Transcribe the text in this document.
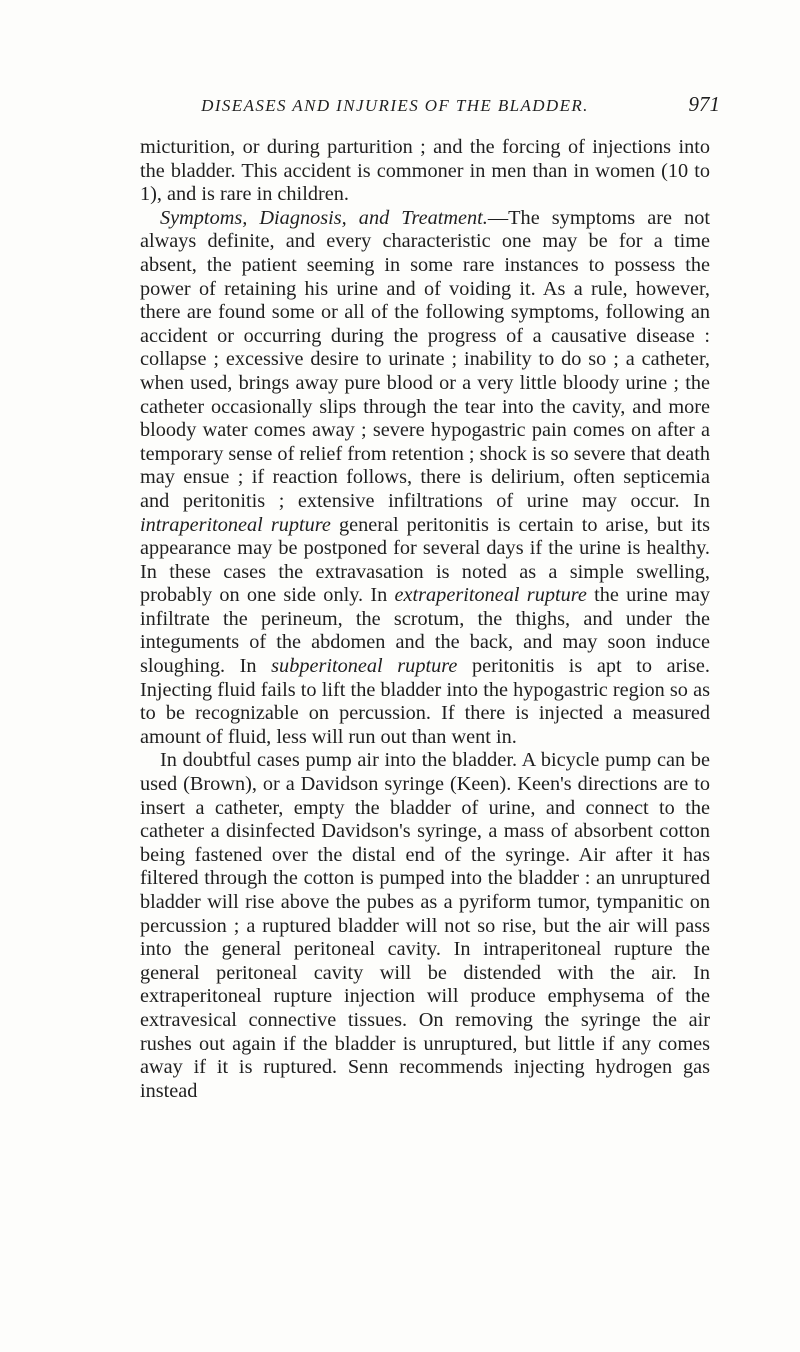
DISEASES AND INJURIES OF THE BLADDER.	971

micturition, or during parturition ; and the forcing of injections into the bladder. This accident is commoner in men than in women (10 to 1), and is rare in children.

Symptoms, Diagnosis, and Treatment.—The symptoms are not always definite, and every characteristic one may be for a time absent, the patient seeming in some rare instances to possess the power of retaining his urine and of voiding it. As a rule, however, there are found some or all of the following symptoms, following an accident or occurring during the progress of a causative disease : collapse ; excessive desire to urinate ; inability to do so ; a catheter, when used, brings away pure blood or a very little bloody urine ; the catheter occasionally slips through the tear into the cavity, and more bloody water comes away ; severe hypogastric pain comes on after a temporary sense of relief from retention ; shock is so severe that death may ensue ; if reaction follows, there is delirium, often septicemia and peritonitis ; extensive infiltrations of urine may occur. In intraperitoneal rupture general peritonitis is certain to arise, but its appearance may be postponed for several days if the urine is healthy. In these cases the extravasation is noted as a simple swelling, probably on one side only. In extraperitoneal rupture the urine may infiltrate the perineum, the scrotum, the thighs, and under the integuments of the abdomen and the back, and may soon induce sloughing. In subperitoneal rupture peritonitis is apt to arise. Injecting fluid fails to lift the bladder into the hypogastric region so as to be recognizable on percussion. If there is injected a measured amount of fluid, less will run out than went in.

In doubtful cases pump air into the bladder. A bicycle pump can be used (Brown), or a Davidson syringe (Keen). Keen's directions are to insert a catheter, empty the bladder of urine, and connect to the catheter a disinfected Davidson's syringe, a mass of absorbent cotton being fastened over the distal end of the syringe. Air after it has filtered through the cotton is pumped into the bladder : an unruptured bladder will rise above the pubes as a pyriform tumor, tympanitic on percussion ; a ruptured bladder will not so rise, but the air will pass into the general peritoneal cavity. In intraperitoneal rupture the general peritoneal cavity will be distended with the air. In extraperitoneal rupture injection will produce emphysema of the extravesical connective tissues. On removing the syringe the air rushes out again if the bladder is unruptured, but little if any comes away if it is ruptured. Senn recommends injecting hydrogen gas instead
